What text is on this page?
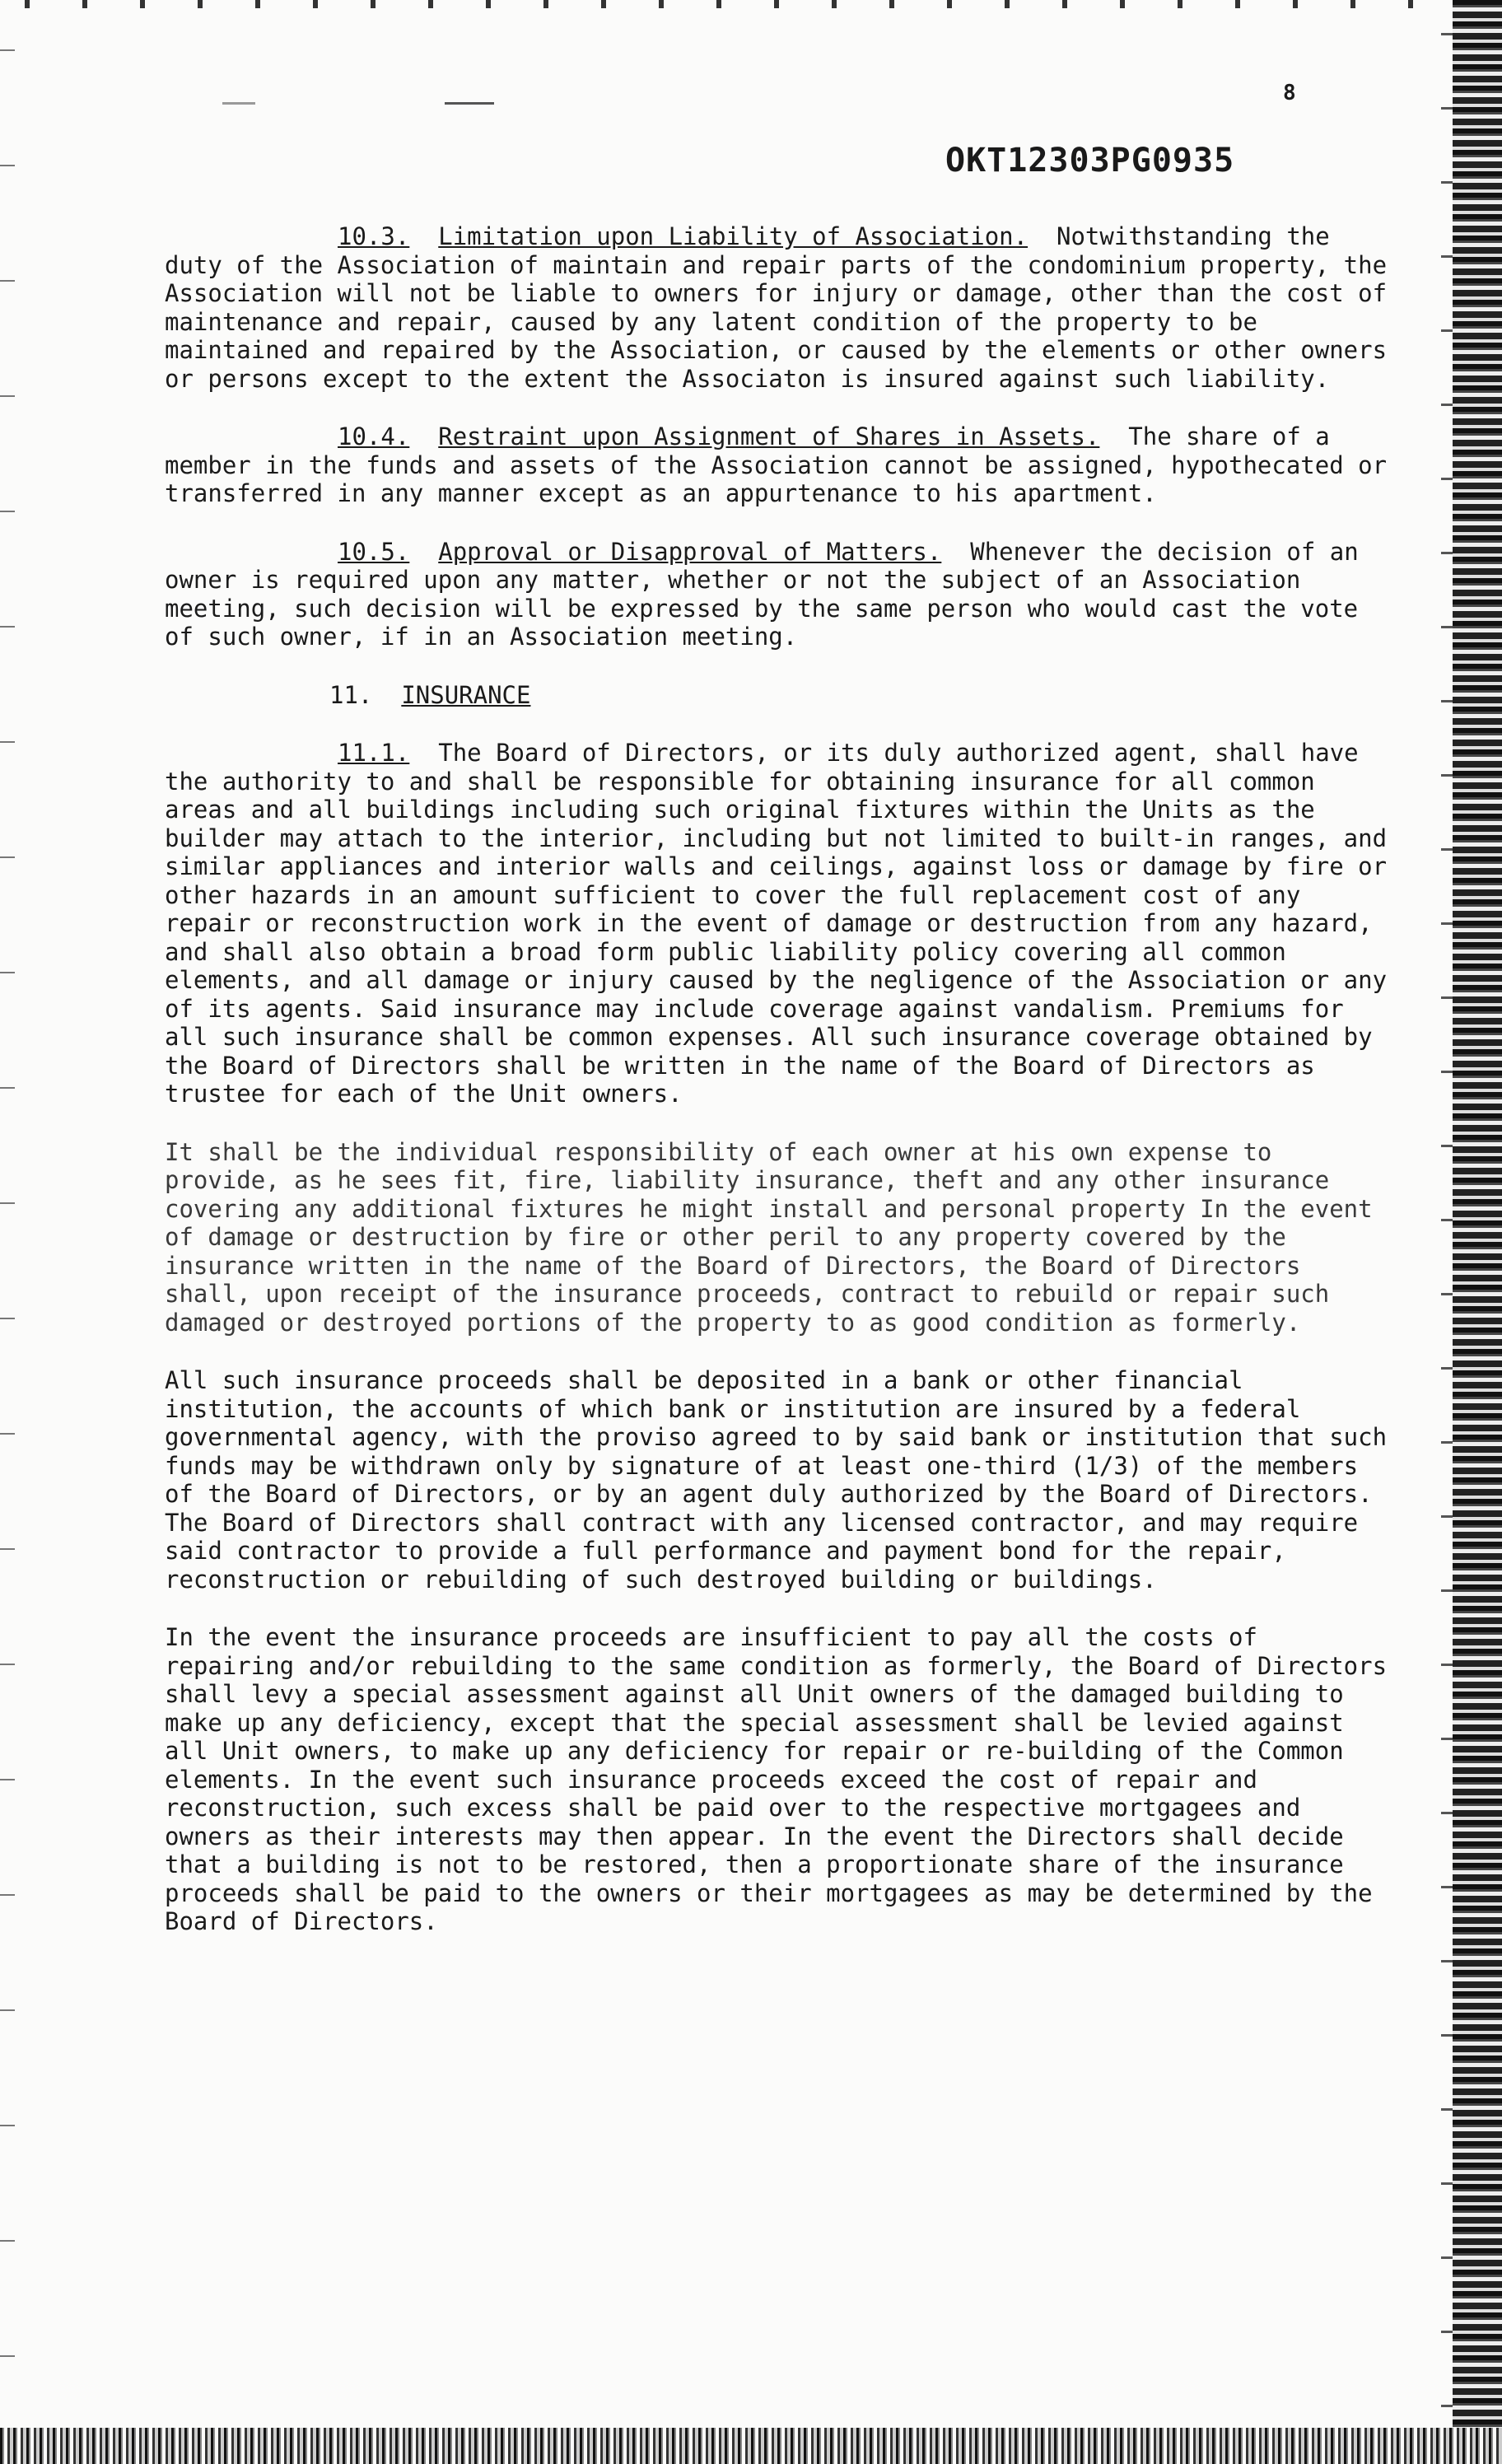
8
OKT12303PG0935

10.3. Limitation upon Liability of Association. Notwithstanding the duty of the Association of maintain and repair parts of the condominium property, the Association will not be liable to owners for injury or damage, other than the cost of maintenance and repair, caused by any latent condition of the property to be maintained and repaired by the Association, or caused by the elements or other owners or persons except to the extent the Associaton is insured against such liability.

10.4. Restraint upon Assignment of Shares in Assets. The share of a member in the funds and assets of the Association cannot be assigned, hypothecated or transferred in any manner except as an appurtenance to his apartment.

10.5. Approval or Disapproval of Matters. Whenever the decision of an owner is required upon any matter, whether or not the subject of an Association meeting, such decision will be expressed by the same person who would cast the vote of such owner, if in an Association meeting.

11. INSURANCE

11.1. The Board of Directors, or its duly authorized agent, shall have the authority to and shall be responsible for obtaining insurance for all common areas and all buildings including such original fixtures within the Units as the builder may attach to the interior, including but not limited to built-in ranges, and similar appliances and interior walls and ceilings, against loss or damage by fire or other hazards in an amount sufficient to cover the full replacement cost of any repair or reconstruction work in the event of damage or destruction from any hazard, and shall also obtain a broad form public liability policy covering all common elements, and all damage or injury caused by the negligence of the Association or any of its agents. Said insurance may include coverage against vandalism. Premiums for all such insurance shall be common expenses. All such insurance coverage obtained by the Board of Directors shall be written in the name of the Board of Directors as trustee for each of the Unit owners.

It shall be the individual responsibility of each owner at his own expense to provide, as he sees fit, fire, liability insurance, theft and any other insurance covering any additional fixtures he might install and personal property In the event of damage or destruction by fire or other peril to any property covered by the insurance written in the name of the Board of Directors, the Board of Directors shall, upon receipt of the insurance proceeds, contract to rebuild or repair such damaged or destroyed portions of the property to as good condition as formerly.

All such insurance proceeds shall be deposited in a bank or other financial institution, the accounts of which bank or institution are insured by a federal governmental agency, with the proviso agreed to by said bank or institution that such funds may be withdrawn only by signature of at least one-third (1/3) of the members of the Board of Directors, or by an agent duly authorized by the Board of Directors. The Board of Directors shall contract with any licensed contractor, and may require said contractor to provide a full performance and payment bond for the repair, reconstruction or rebuilding of such destroyed building or buildings.

In the event the insurance proceeds are insufficient to pay all the costs of repairing and/or rebuilding to the same condition as formerly, the Board of Directors shall levy a special assessment against all Unit owners of the damaged building to make up any deficiency, except that the special assessment shall be levied against all Unit owners, to make up any deficiency for repair or re-building of the Common elements. In the event such insurance proceeds exceed the cost of repair and reconstruction, such excess shall be paid over to the respective mortgagees and owners as their interests may then appear. In the event the Directors shall decide that a building is not to be restored, then a proportionate share of the insurance proceeds shall be paid to the owners or their mortgagees as may be determined by the Board of Directors.
